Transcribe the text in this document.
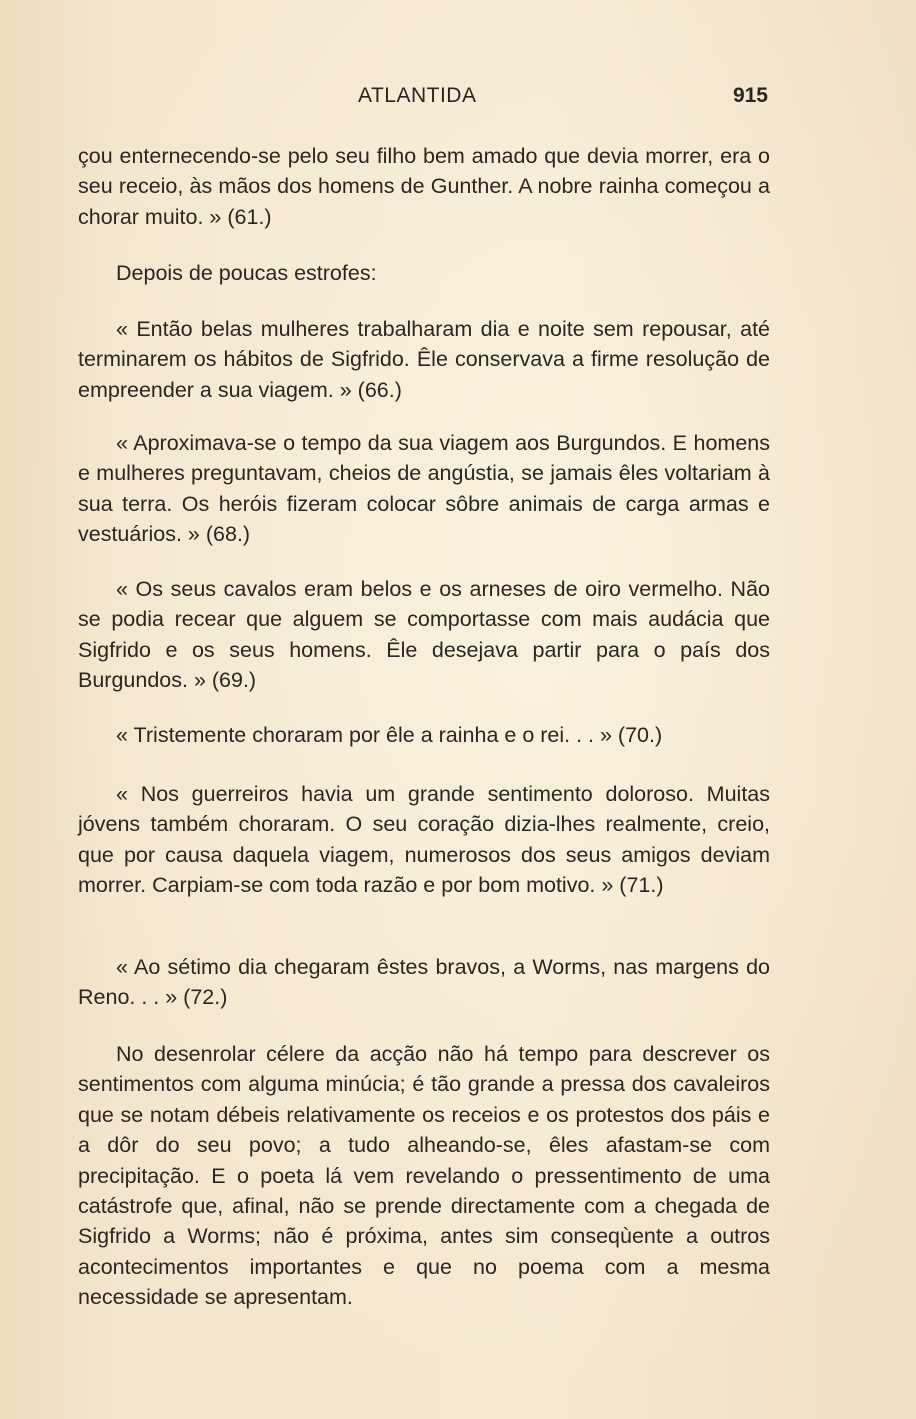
ATLANTIDA	915

çou enternecendo-se pelo seu filho bem amado que devia morrer, era o seu receio, às mãos dos homens de Gunther. A nobre rainha começou a chorar muito. » (61.)

Depois de poucas estrofes:

« Então belas mulheres trabalharam dia e noite sem repousar, até terminarem os hábitos de Sigfrido. Êle conservava a firme resolução de empreender a sua viagem. » (66.)

« Aproximava-se o tempo da sua viagem aos Burgundos. E homens e mulheres preguntavam, cheios de angústia, se jamais êles voltariam à sua terra. Os heróis fizeram colocar sôbre animais de carga armas e vestuários. » (68.)

« Os seus cavalos eram belos e os arneses de oiro vermelho. Não se podia recear que alguem se comportasse com mais audácia que Sigfrido e os seus homens. Êle desejava partir para o país dos Burgundos. » (69.)

« Tristemente choraram por êle a rainha e o rei. . . » (70.)

« Nos guerreiros havia um grande sentimento doloroso. Muitas jóvens também choraram. O seu coração dizia-lhes realmente, creio, que por causa daquela viagem, numerosos dos seus amigos deviam morrer. Carpiam-se com toda razão e por bom motivo. » (71.)

« Ao sétimo dia chegaram êstes bravos, a Worms, nas margens do Reno. . . » (72.)

No desenrolar célere da acção não há tempo para descrever os sentimentos com alguma minúcia; é tão grande a pressa dos cavaleiros que se notam débeis relativamente os receios e os protestos dos páis e a dôr do seu povo; a tudo alheando-se, êles afastam-se com precipitação. E o poeta lá vem revelando o pressentimento de uma catástrofe que, afinal, não se prende directamente com a chegada de Sigfrido a Worms; não é próxima, antes sim conseqùente a outros acontecimentos importantes e que no poema com a mesma necessidade se apresentam.
